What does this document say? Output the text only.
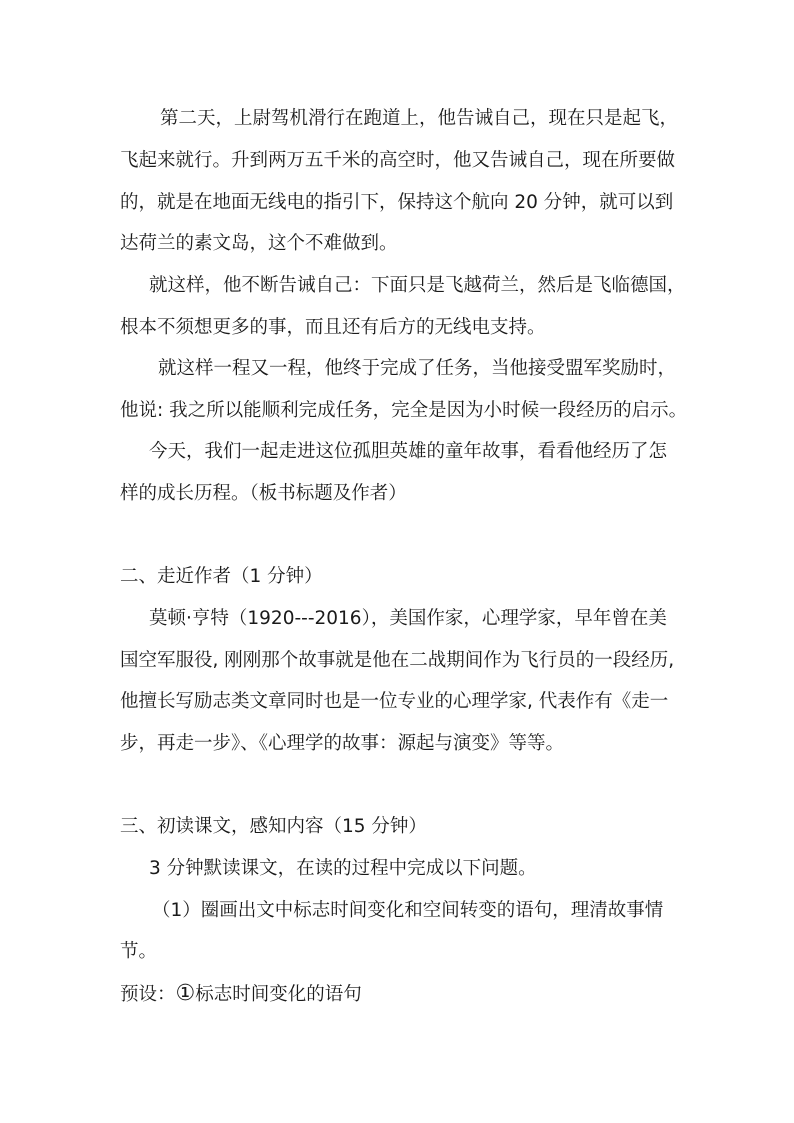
第二天，上尉驾机滑行在跑道上，他告诫自己，现在只是起飞，
飞起来就行。升到两万五千米的高空时，他又告诫自己，现在所要做
的，就是在地面无线电的指引下，保持这个航向 20 分钟，就可以到
达荷兰的素文岛，这个不难做到。
就这样，他不断告诫自己：下面只是飞越荷兰，然后是飞临德国，
根本不须想更多的事，而且还有后方的无线电支持。
就这样一程又一程，他终于完成了任务，当他接受盟军奖励时，
他说: 我之所以能顺利完成任务，完全是因为小时候一段经历的启示。
今天，我们一起走进这位孤胆英雄的童年故事，看看他经历了怎
样的成长历程。（板书标题及作者）
二、走近作者（1 分钟）
莫顿·亨特（1920---2016），美国作家，心理学家，早年曾在美
国空军服役, 刚刚那个故事就是他在二战期间作为飞行员的一段经历,
他擅长写励志类文章同时也是一位专业的心理学家, 代表作有《走一
步，再走一步》、《心理学的故事：源起与演变》等等。
三、初读课文，感知内容（15 分钟）
3 分钟默读课文，在读的过程中完成以下问题。
（1）圈画出文中标志时间变化和空间转变的语句，理清故事情
节。
预设：①标志时间变化的语句
